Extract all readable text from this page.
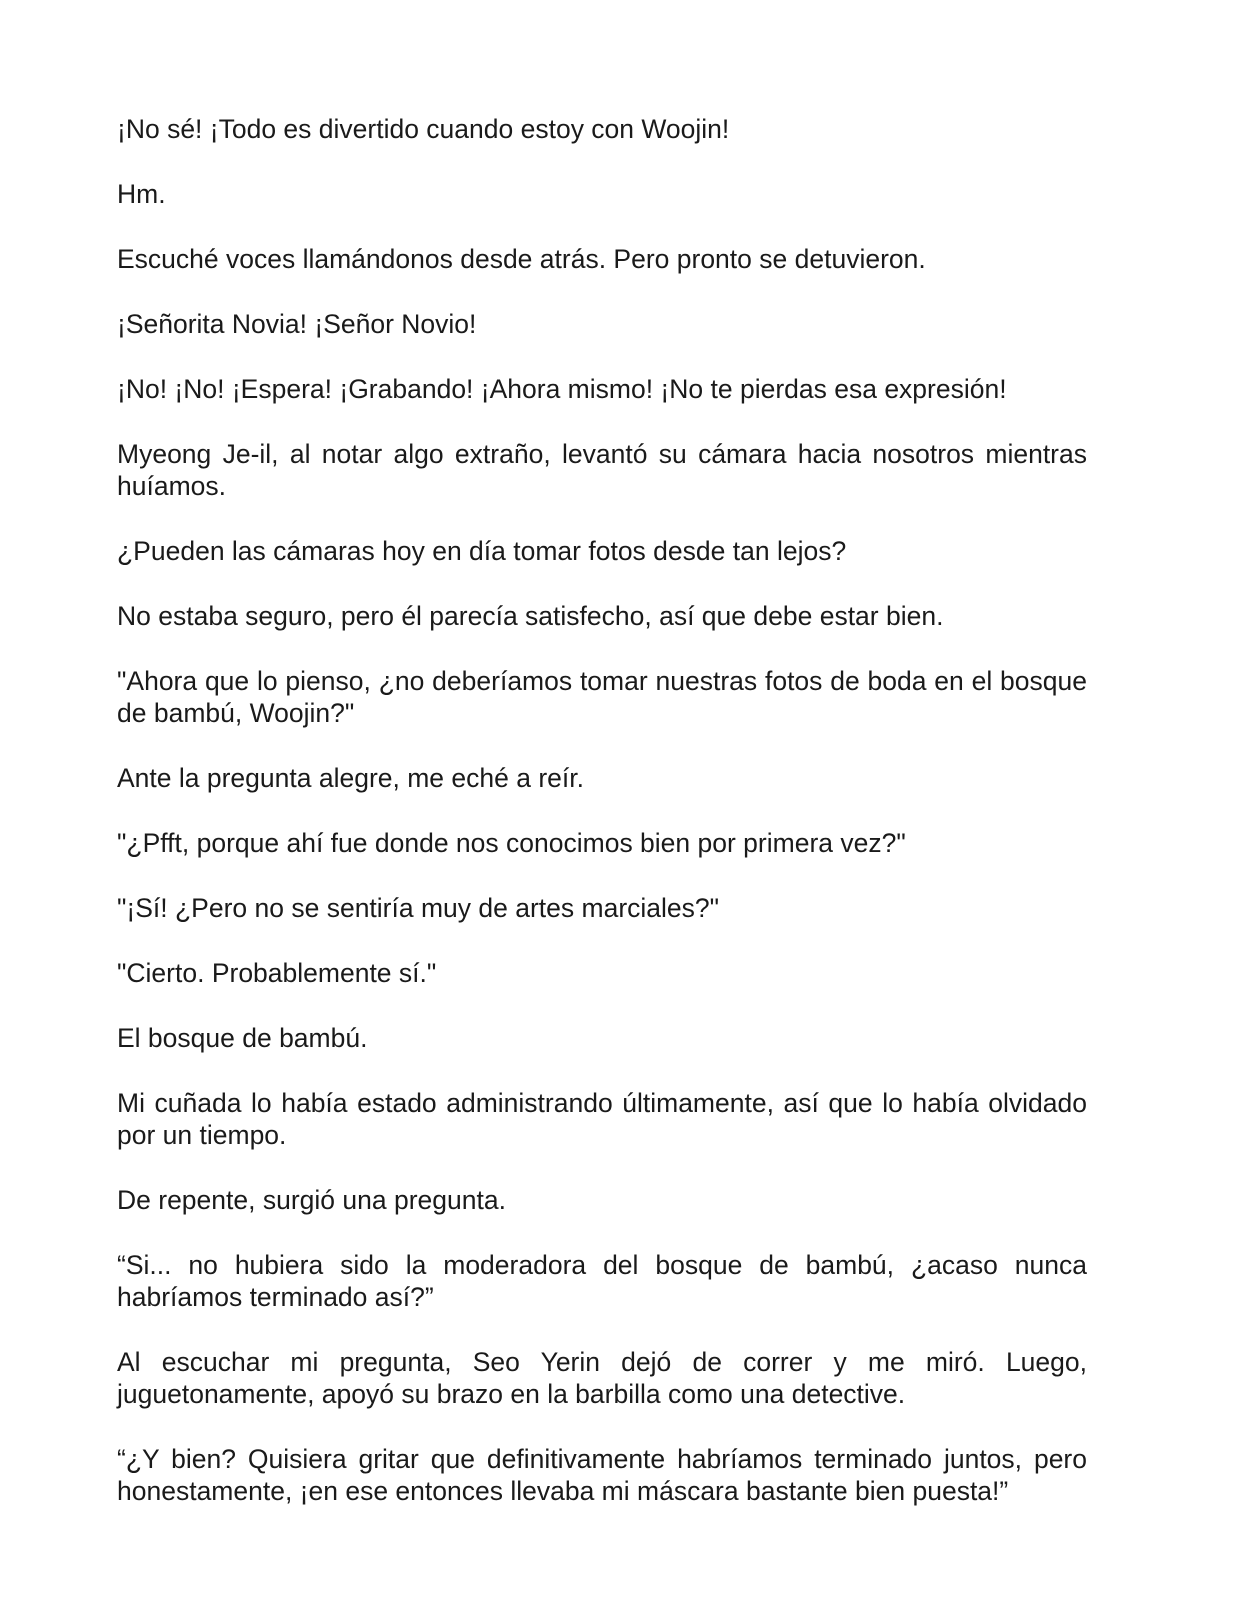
¡No sé! ¡Todo es divertido cuando estoy con Woojin!

Hm.

Escuché voces llamándonos desde atrás. Pero pronto se detuvieron.

¡Señorita Novia! ¡Señor Novio!

¡No! ¡No! ¡Espera! ¡Grabando! ¡Ahora mismo! ¡No te pierdas esa expresión!

Myeong Je-il, al notar algo extraño, levantó su cámara hacia nosotros mientras huíamos.

¿Pueden las cámaras hoy en día tomar fotos desde tan lejos?

No estaba seguro, pero él parecía satisfecho, así que debe estar bien.

"Ahora que lo pienso, ¿no deberíamos tomar nuestras fotos de boda en el bosque de bambú, Woojin?"

Ante la pregunta alegre, me eché a reír.

"¿Pfft, porque ahí fue donde nos conocimos bien por primera vez?"

"¡Sí! ¿Pero no se sentiría muy de artes marciales?"

"Cierto. Probablemente sí."

El bosque de bambú.

Mi cuñada lo había estado administrando últimamente, así que lo había olvidado por un tiempo.

De repente, surgió una pregunta.

“Si... no hubiera sido la moderadora del bosque de bambú, ¿acaso nunca habríamos terminado así?”

Al escuchar mi pregunta, Seo Yerin dejó de correr y me miró. Luego, juguetonamente, apoyó su brazo en la barbilla como una detective.

“¿Y bien? Quisiera gritar que definitivamente habríamos terminado juntos, pero honestamente, ¡en ese entonces llevaba mi máscara bastante bien puesta!”
